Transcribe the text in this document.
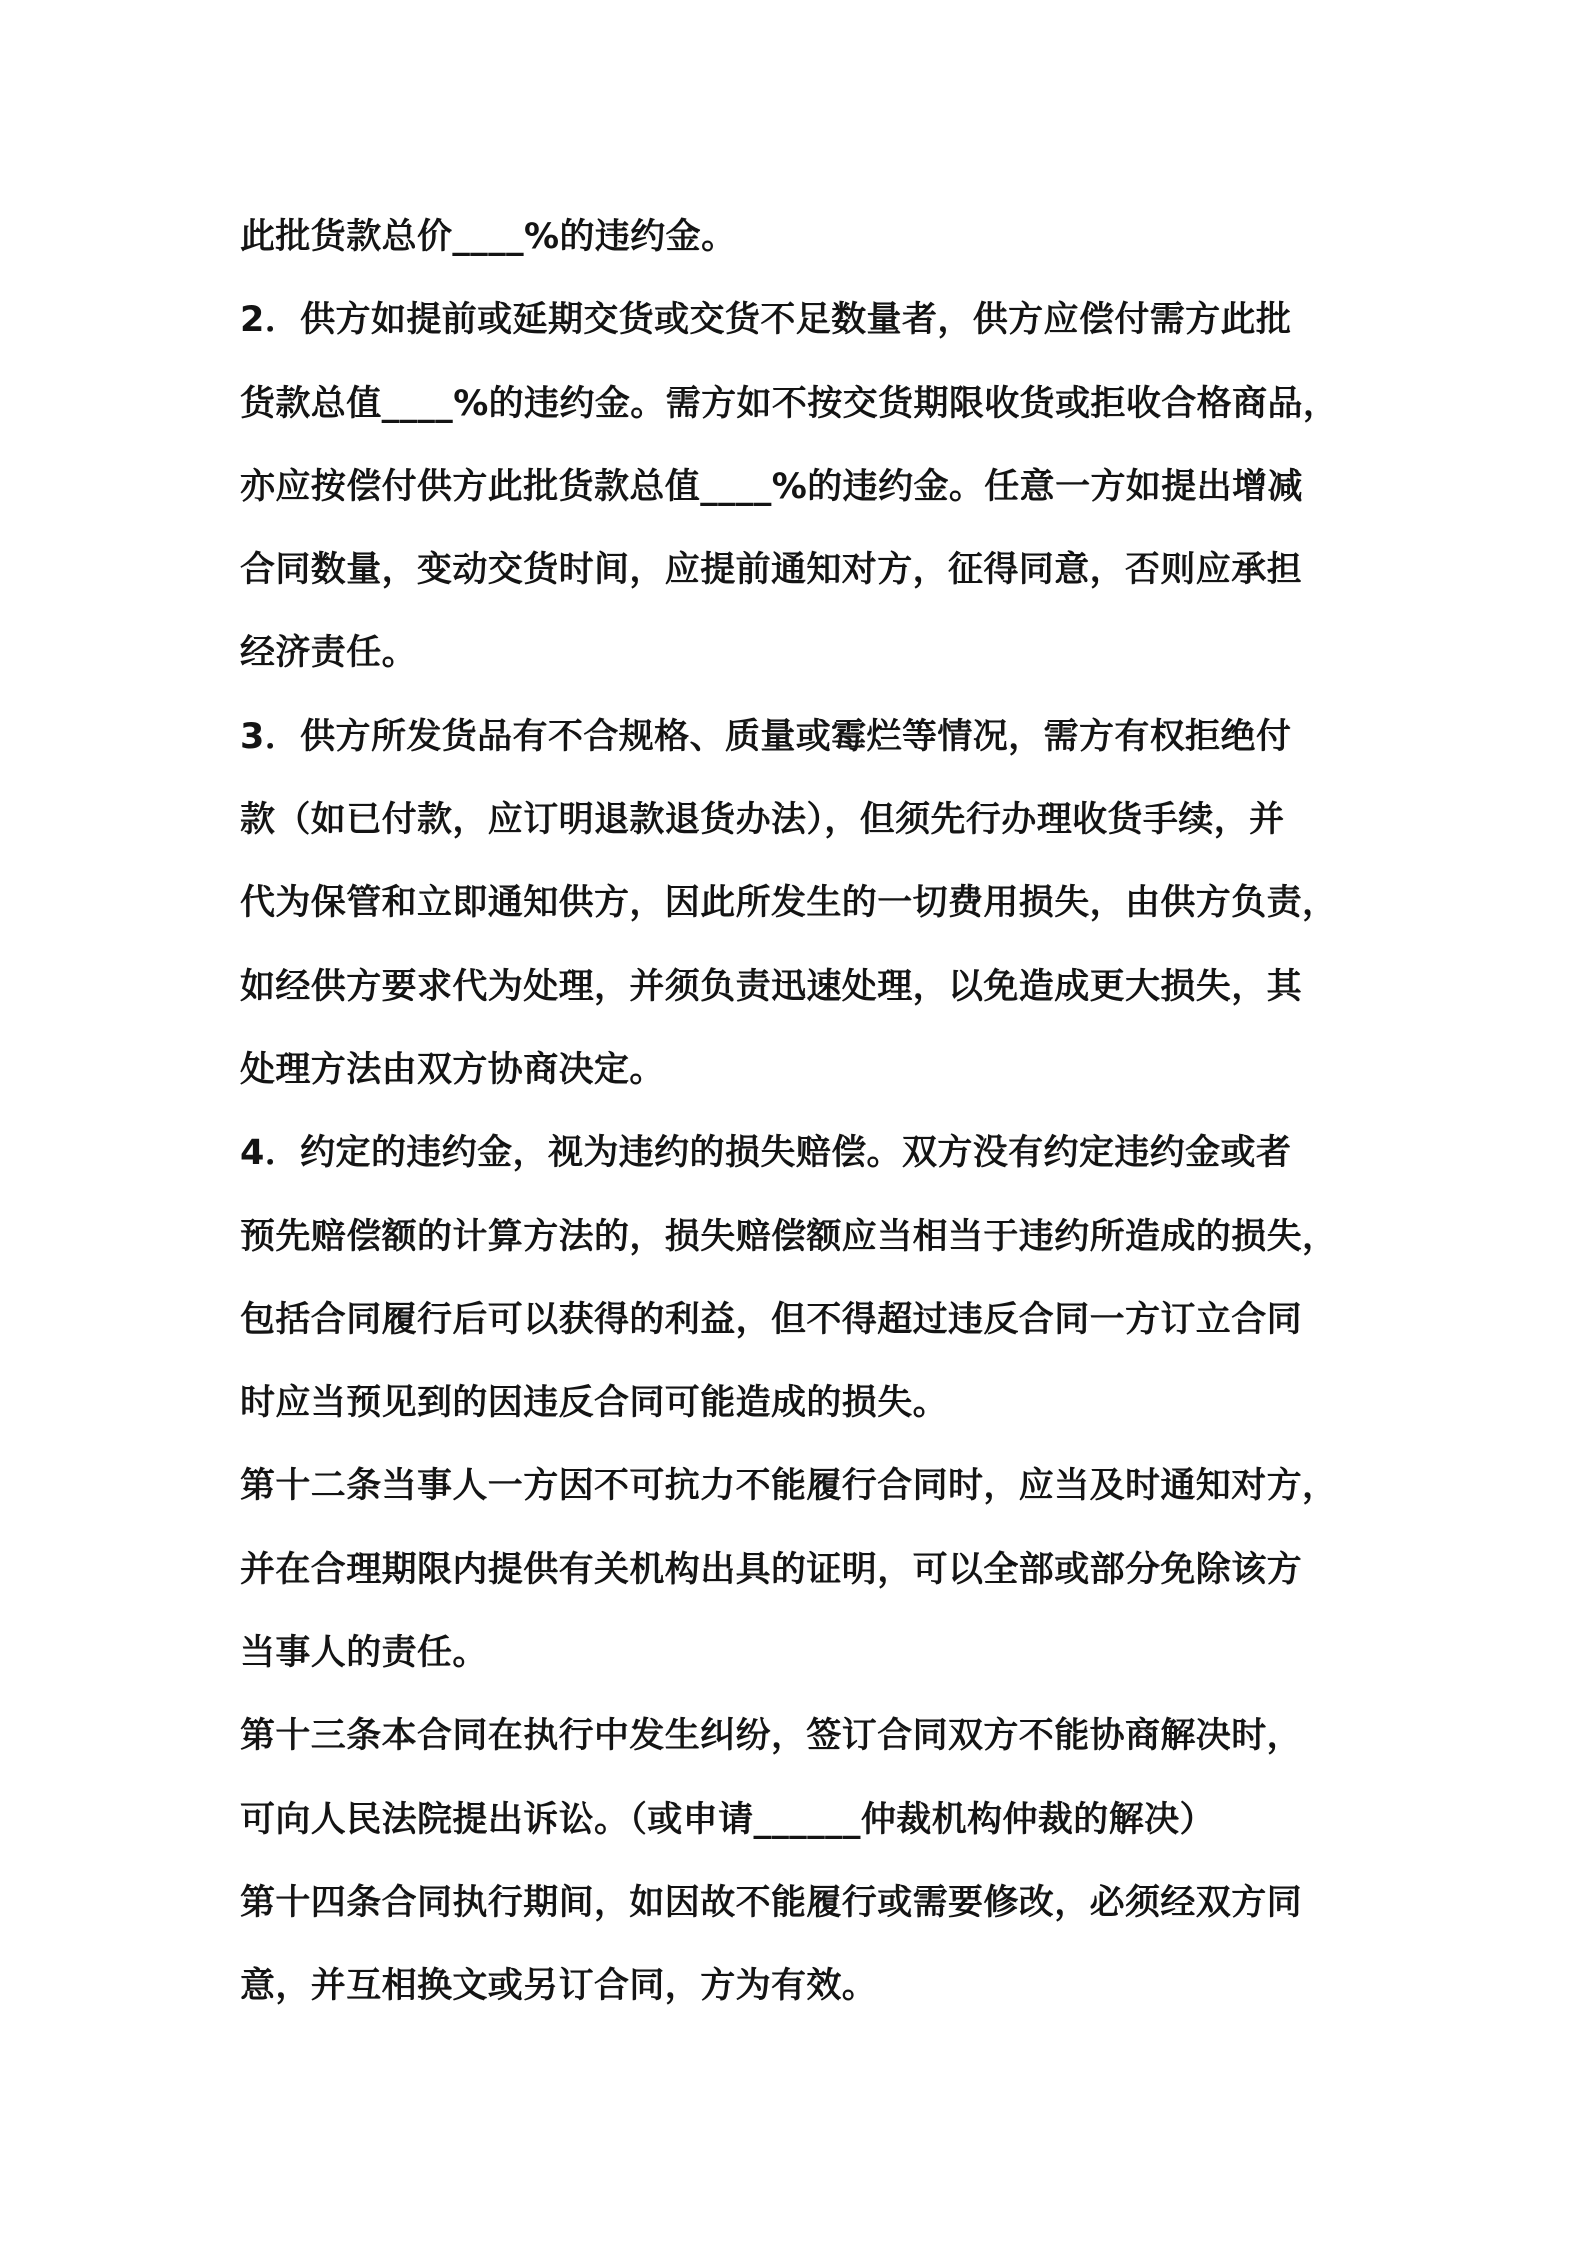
此批货款总价____%的违约金。
2．供方如提前或延期交货或交货不足数量者，供方应偿付需方此批
货款总值____%的违约金。需方如不按交货期限收货或拒收合格商品，
亦应按偿付供方此批货款总值____%的违约金。任意一方如提出增减
合同数量，变动交货时间，应提前通知对方，征得同意，否则应承担
经济责任。
3．供方所发货品有不合规格、质量或霉烂等情况，需方有权拒绝付
款（如已付款，应订明退款退货办法），但须先行办理收货手续，并
代为保管和立即通知供方，因此所发生的一切费用损失，由供方负责，
如经供方要求代为处理，并须负责迅速处理，以免造成更大损失，其
处理方法由双方协商决定。
4．约定的违约金，视为违约的损失赔偿。双方没有约定违约金或者
预先赔偿额的计算方法的，损失赔偿额应当相当于违约所造成的损失，
包括合同履行后可以获得的利益，但不得超过违反合同一方订立合同
时应当预见到的因违反合同可能造成的损失。
第十二条当事人一方因不可抗力不能履行合同时，应当及时通知对方，
并在合理期限内提供有关机构出具的证明，可以全部或部分免除该方
当事人的责任。
第十三条本合同在执行中发生纠纷，签订合同双方不能协商解决时，
可向人民法院提出诉讼。（或申请______仲裁机构仲裁的解决）
第十四条合同执行期间，如因故不能履行或需要修改，必须经双方同
意，并互相换文或另订合同，方为有效。
